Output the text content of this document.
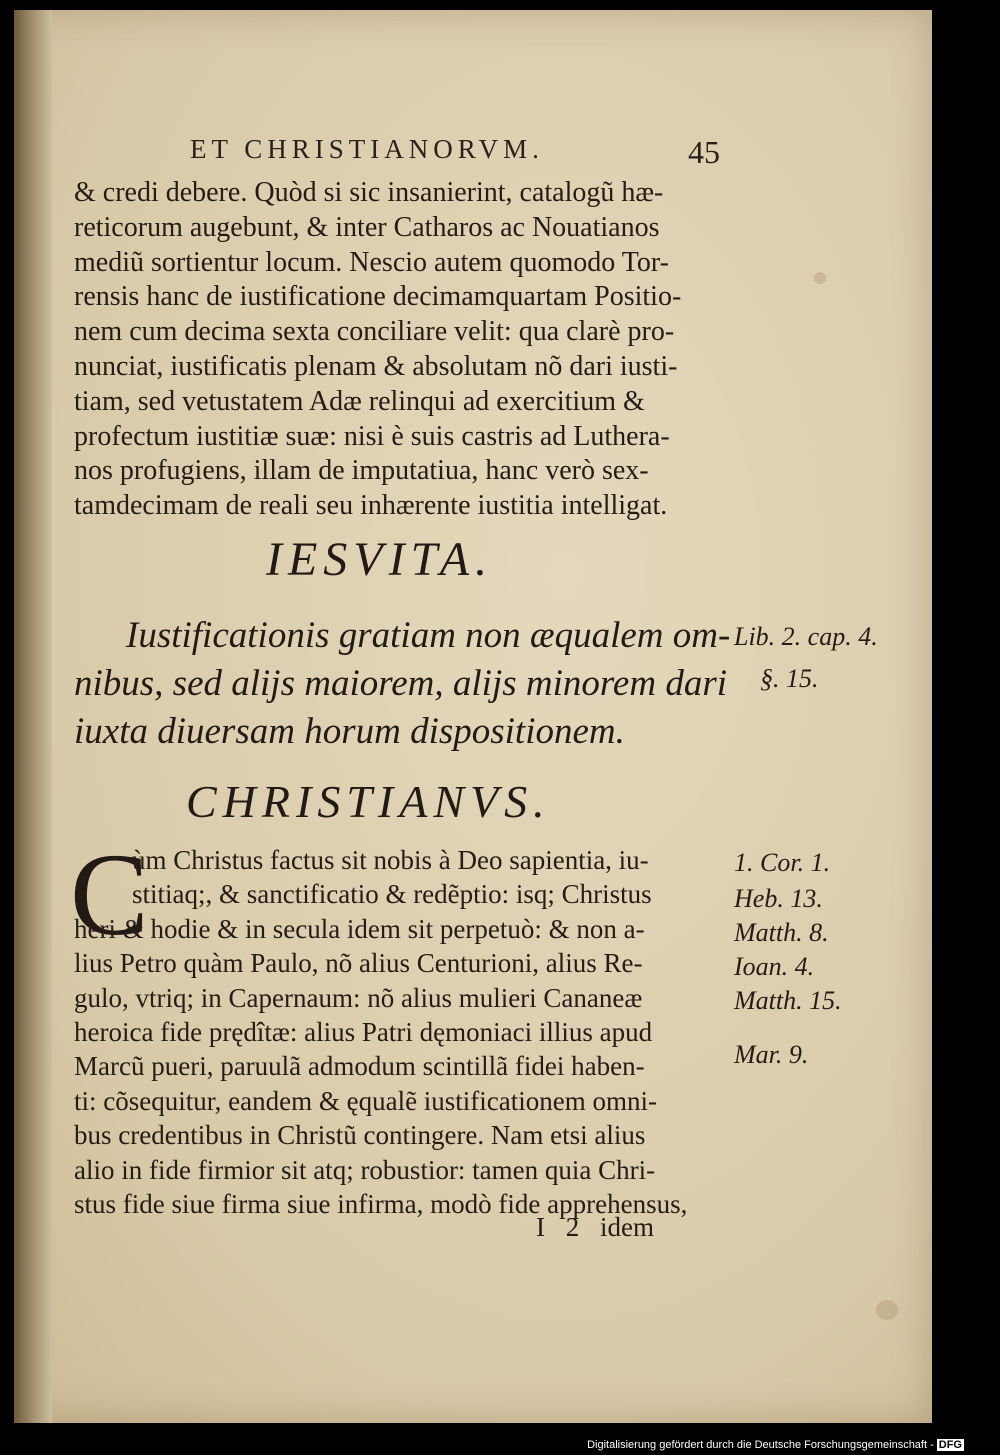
ET CHRISTIANORVM.	45
& credi debere. Quòd si sic insanierint, catalogũ hæ-
reticorum augebunt, & inter Catharos ac Nouatianos
mediũ sortientur locum. Nescio autem quomodo Tor-
rensis hanc de iustificatione decimamquartam Positio-
nem cum decima sexta conciliare velit: qua clarè pro-
nunciat, iustificatis plenam & absolutam nõ dari iusti-
tiam, sed vetustatem Adæ relinqui ad exercitium &
profectum iustitiæ suæ: nisi è suis castris ad Luthera-
nos profugiens, illam de imputatiua, hanc verò sex-
tamdecimam de reali seu inhærente iustitia intelligat.
IESVITA.
Iustificationis gratiam non æqualem om-
nibus, sed alijs maiorem, alijs minorem dari
iuxta diuersam horum dispositionem.
Lib. 2. cap. 4.
§. 15.
CHRISTIANVS.
C
ùm Christus factus sit nobis à Deo sapientia, iu-
stitiaq;, & sanctificatio & redẽptio: isq; Christus
heri & hodie & in secula idem sit perpetuò: & non a-
lius Petro quàm Paulo, nõ alius Centurioni, alius Re-
gulo, vtriq; in Capernaum: nõ alius mulieri Cananeæ
heroica fide prędîtæ: alius Patri dęmoniaci illius apud
Marcũ pueri, paruulã admodum scintillã fidei haben-
ti: cõsequitur, eandem & ęqualẽ iustificationem omni-
bus credentibus in Christũ contingere. Nam etsi alius
alio in fide firmior sit atq; robustior: tamen quia Chri-
stus fide siue firma siue infirma, modò fide apprehensus,
1. Cor. 1.
Heb. 13.
Matth. 8.
Ioan. 4.
Matth. 15.
Mar. 9.
I 2 idem
Digitalisierung gefördert durch die Deutsche Forschungsgemeinschaft - DFG
